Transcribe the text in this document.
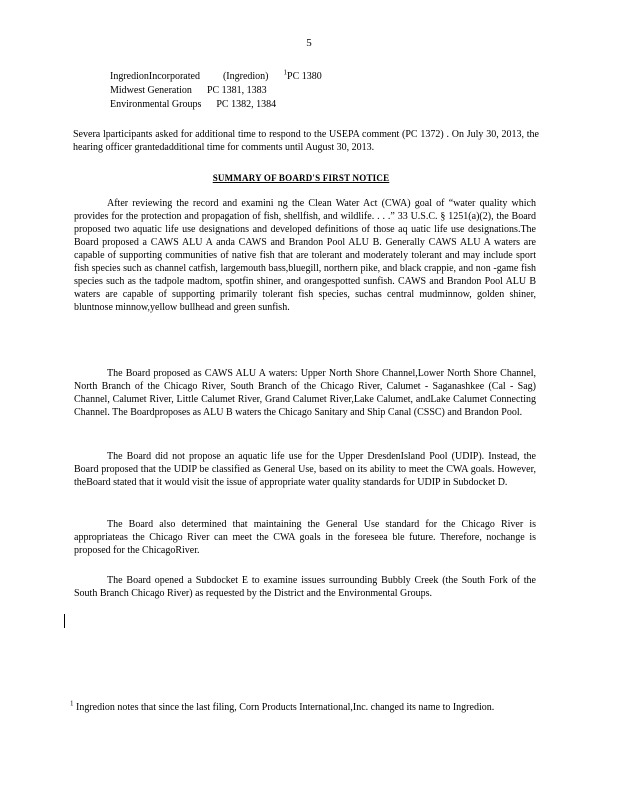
5
IngredionIncorporated (Ingredion) $^1$PC 1380
Midwest Generation PC 1381, 1383
Environmental Groups PC 1382, 1384

Severa lparticipants asked for additional time to respond to the USEPA comment (PC 1372) . On July 30, 2013, the hearing officer grantedadditional time for comments until August 30, 2013.

SUMMARY OF BOARD'S FIRST NOTICE

After reviewing the record and examini ng the Clean Water Act (CWA) goal of “water quality which provides for the protection and propagation of fish, shellfish, and wildlife. . . .” 33 U.S.C. § 1251(a)(2), the Board proposed two aquatic life use designations and developed definitions of those aq uatic life use designations.The Board proposed a CAWS ALU A anda CAWS and Brandon Pool ALU B. Generally CAWS ALU A waters are capable of supporting communities of native fish that are tolerant and moderately tolerant and may include sport fish species such as channel catfish, largemouth bass,bluegill, northern pike, and black crappie, and non -game fish species such as the tadpole madtom, spotfin shiner, and orangespotted sunfish. CAWS and Brandon Pool ALU B waters are capable of supporting primarily tolerant fish species, suchas central mudminnow, golden shiner, bluntnose minnow,yellow bullhead and green sunfish.

The Board proposed as CAWS ALU A waters: Upper North Shore Channel,Lower North Shore Channel, North Branch of the Chicago River, South Branch of the Chicago River, Calumet - Saganashkee (Cal - Sag) Channel, Calumet River, Little Calumet River, Grand Calumet River,Lake Calumet, andLake Calumet Connecting Channel. The Boardproposes as ALU B waters the Chicago Sanitary and Ship Canal (CSSC) and Brandon Pool.

The Board did not propose an aquatic life use for the Upper DresdenIsland Pool (UDIP). Instead, the Board proposed that the UDIP be classified as General Use, based on its ability to meet the CWA goals. However, theBoard stated that it would visit the issue of appropriate water quality standards for UDIP in Subdocket D.

The Board also determined that maintaining the General Use standard for the Chicago River is appropriateas the Chicago River can meet the CWA goals in the foreseea ble future. Therefore, nochange is proposed for the ChicagoRiver.

The Board opened a Subdocket E to examine issues surrounding Bubbly Creek (the South Fork of the South Branch Chicago River) as requested by the District and the Environmental Groups.

$^1$ Ingredion notes that since the last filing, Corn Products International,Inc. changed its name to Ingredion.
